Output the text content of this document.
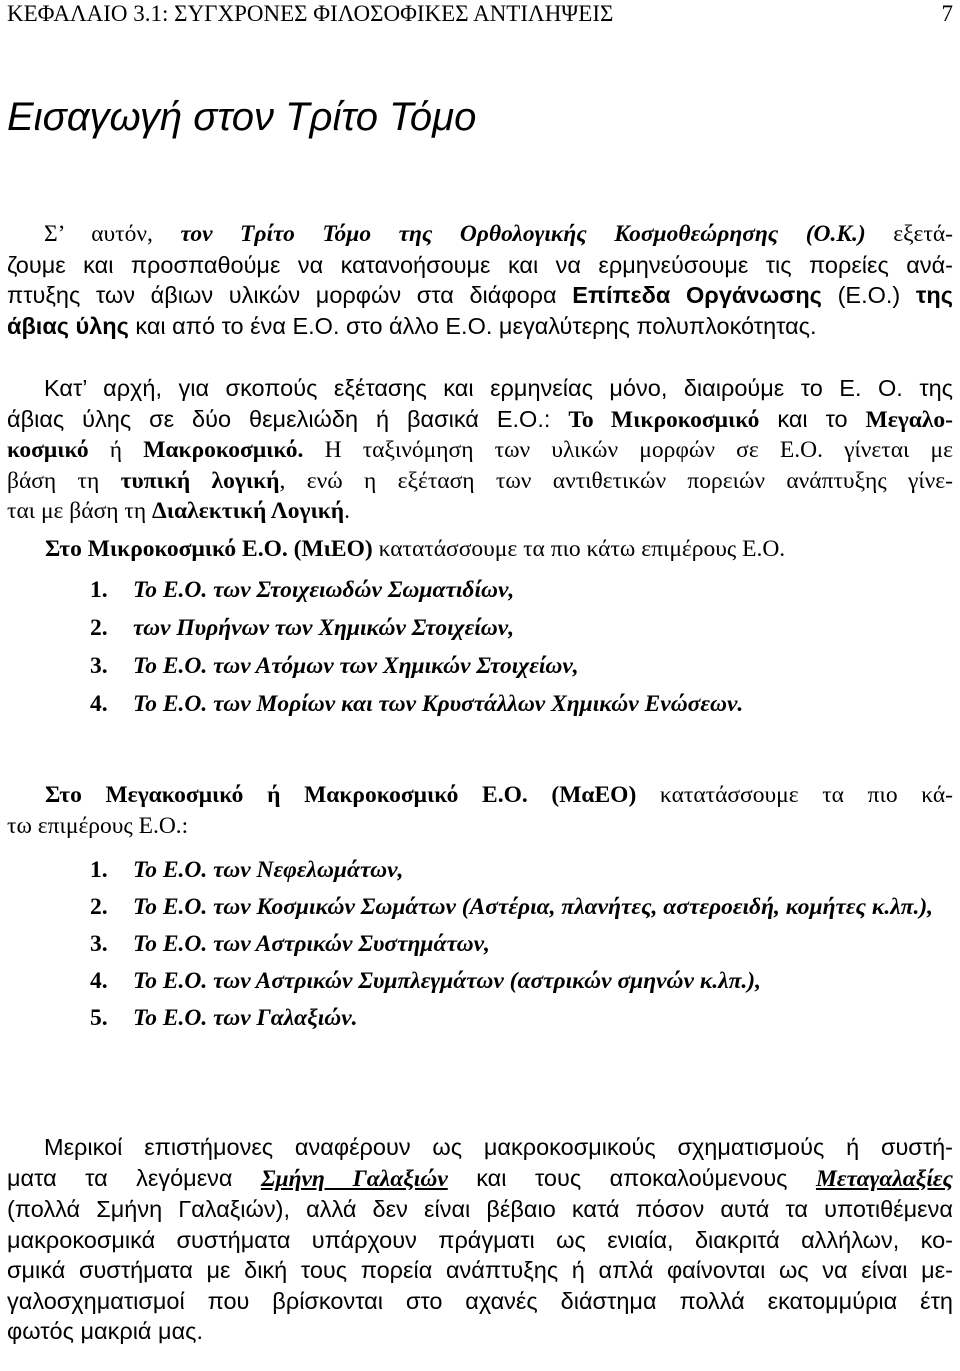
ΚΕΦΑΛΑΙΟ 3.1: ΣΥΓΧΡΟΝΕΣ ΦΙΛΟΣΟΦΙΚΕΣ ΑΝΤΙΛΗΨΕΙΣ	7
Εισαγωγή στον Τρίτο Τόμο
Σ’ αυτόν, τον Τρίτο Τόμο της Ορθολογικής Κοσμοθεώρησης (Ο.Κ.) εξετά-
ζουμε και προσπαθούμε να κατανοήσουμε και να ερμηνεύσουμε τις πορείες ανά-
πτυξης των άβιων υλικών μορφών στα διάφορα Επίπεδα Οργάνωσης (Ε.Ο.) της
άβιας ύλης και από το ένα Ε.Ο. στο άλλο Ε.Ο. μεγαλύτερης πολυπλοκότητας.
Κατ’ αρχή, για σκοπούς εξέτασης και ερμηνείας μόνο, διαιρούμε το Ε. Ο. της
άβιας ύλης σε δύο θεμελιώδη ή βασικά Ε.Ο.: Το Μικροκοσμικό και το Μεγαλο-
κοσμικό ή Μακροκοσμικό. Η ταξινόμηση των υλικών μορφών σε Ε.Ο. γίνεται με
βάση τη τυπική λογική, ενώ η εξέταση των αντιθετικών πορειών ανάπτυξης γίνε-
ται με βάση τη Διαλεκτική Λογική.
Στο Μικροκοσμικό Ε.Ο. (ΜιΕΟ) κατατάσσουμε τα πιο κάτω επιμέρους Ε.Ο.
1. Το Ε.Ο. των Στοιχειωδών Σωματιδίων,
2. των Πυρήνων των Χημικών Στοιχείων,
3. Το Ε.Ο. των Ατόμων των Χημικών Στοιχείων,
4. Το Ε.Ο. των Μορίων και των Κρυστάλλων Χημικών Ενώσεων.
Στο Μεγακοσμικό ή Μακροκοσμικό Ε.Ο. (ΜαΕΟ) κατατάσσουμε τα πιο κά-
τω επιμέρους Ε.Ο.:
1. Το Ε.Ο. των Νεφελωμάτων,
2. Το Ε.Ο. των Κοσμικών Σωμάτων (Αστέρια, πλανήτες, αστεροειδή, κομήτες κ.λπ.),
3. Το Ε.Ο. των Αστρικών Συστημάτων,
4. Το Ε.Ο. των Αστρικών Συμπλεγμάτων (αστρικών σμηνών κ.λπ.),
5. Το Ε.Ο. των Γαλαξιών.
Μερικοί επιστήμονες αναφέρουν ως μακροκοσμικούς σχηματισμούς ή συστή-
ματα τα λεγόμενα Σμήνη Γαλαξιών και τους αποκαλούμενους Μεταγαλαξίες
(πολλά Σμήνη Γαλαξιών), αλλά δεν είναι βέβαιο κατά πόσον αυτά τα υποτιθέμενα
μακροκοσμικά συστήματα υπάρχουν πράγματι ως ενιαία, διακριτά αλλήλων, κο-
σμικά συστήματα με δική τους πορεία ανάπτυξης ή απλά φαίνονται ως να είναι με-
γαλοσχηματισμοί που βρίσκονται στο αχανές διάστημα πολλά εκατομμύρια έτη
φωτός μακριά μας.
